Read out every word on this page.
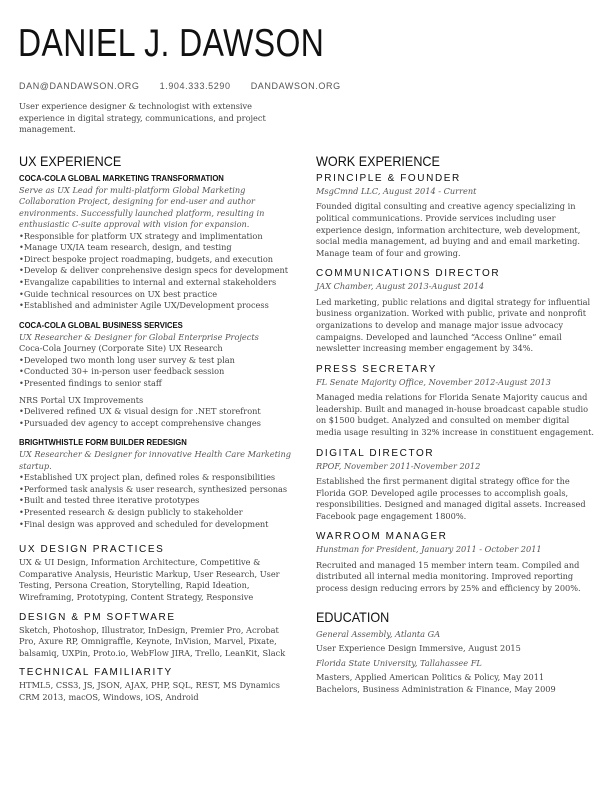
DANIEL J. DAWSON
DAN@DANDAWSON.ORG 1.904.333.5290 DANDAWSON.ORG
User experience designer & technologist with extensive experience in digital strategy, communications, and project management.
UX EXPERIENCE
COCA-COLA GLOBAL MARKETING TRANSFORMATION
Serve as UX Lead for multi-platform Global Marketing Collaboration Project, designing for end-user and author environments. Successfully launched platform, resulting in enthusiastic C-suite approval with vision for expansion.
• Responsible for platform UX strategy and implimentation
• Manage UX/IA team research, design, and testing
• Direct bespoke project roadmaping, budgets, and execution
• Develop & deliver conprehensive design specs for development
• Evangalize capabilities to internal and external stakeholders
• Guide technical resources on UX best practice
• Established and administer Agile UX/Development process
COCA-COLA GLOBAL BUSINESS SERVICES
UX Researcher & Designer for Global Enterprise Projects
Coca-Cola Journey (Corporate Site) UX Research
• Developed two month long user survey & test plan
• Conducted 30+ in-person user feedback session
• Presented findings to senior staff
NRS Portal UX Improvements
• Delivered refined UX & visual design for .NET storefront
• Pursuaded dev agency to accept comprehensive changes
BRIGHTWHISTLE FORM BUILDER REDESIGN
UX Researcher & Designer for innovative Health Care Marketing startup.
• Established UX project plan, defined roles & responsibilities
• Performed task analysis & user research, synthesized personas
• Built and tested three iterative prototypes
• Presented research & design publicly to stakeholder
• Final design was approved and scheduled for development
UX DESIGN PRACTICES
UX & UI Design, Information Architecture, Competitive & Comparative Analysis, Heuristic Markup, User Research, User Testing, Persona Creation, Storytelling, Rapid Ideation, Wireframing, Prototyping, Content Strategy, Responsive
DESIGN & PM SOFTWARE
Sketch, Photoshop, Illustrator, InDesign, Premier Pro, Acrobat Pro, Axure RP, Omnigraffle, Keynote, InVision, Marvel, Pixate, balsamiq, UXPin, Proto.io, WebFlow JIRA, Trello, LeanKit, Slack
TECHNICAL FAMILIARITY
HTML5, CSS3, JS, JSON, AJAX, PHP, SQL, REST, MS Dynamics CRM 2013, macOS, Windows, iOS, Android
WORK EXPERIENCE
PRINCIPLE & FOUNDER
MsgCmnd LLC, August 2014 - Current
Founded digital consulting and creative agency specializing in political communications. Provide services including user experience design, information architecture, web development, social media management, ad buying and and email marketing. Manage team of four and growing.
COMMUNICATIONS DIRECTOR
JAX Chamber, August 2013-August 2014
Led marketing, public relations and digital strategy for influential business organization. Worked with public, private and nonprofit organizations to develop and manage major issue advocacy campaigns. Developed and launched “Access Online” email newsletter increasing member engagement by 34%.
PRESS SECRETARY
FL Senate Majority Office, November 2012-August 2013
Managed media relations for Florida Senate Majority caucus and leadership. Built and managed in-house broadcast capable studio on $1500 budget. Analyzed and consulted on member digital media usage resulting in 32% increase in constituent engagement.
DIGITAL DIRECTOR
RPOF, November 2011-November 2012
Established the first permanent digital strategy office for the Florida GOP. Developed agile processes to accomplish goals, responsibilities. Designed and managed digital assets. Increased Facebook page engagement 1800%.
WARROOM MANAGER
Hunstman for President, January 2011 - October 2011
Recruited and managed 15 member intern team. Compiled and distributed all internal media monitoring. Improved reporting process design reducing errors by 25% and efficiency by 200%.
EDUCATION
General Assembly, Atlanta GA
User Experience Design Immersive, August 2015
Florida State University, Tallahassee FL
Masters, Applied American Politics & Policy, May 2011
Bachelors, Business Administration & Finance, May 2009
